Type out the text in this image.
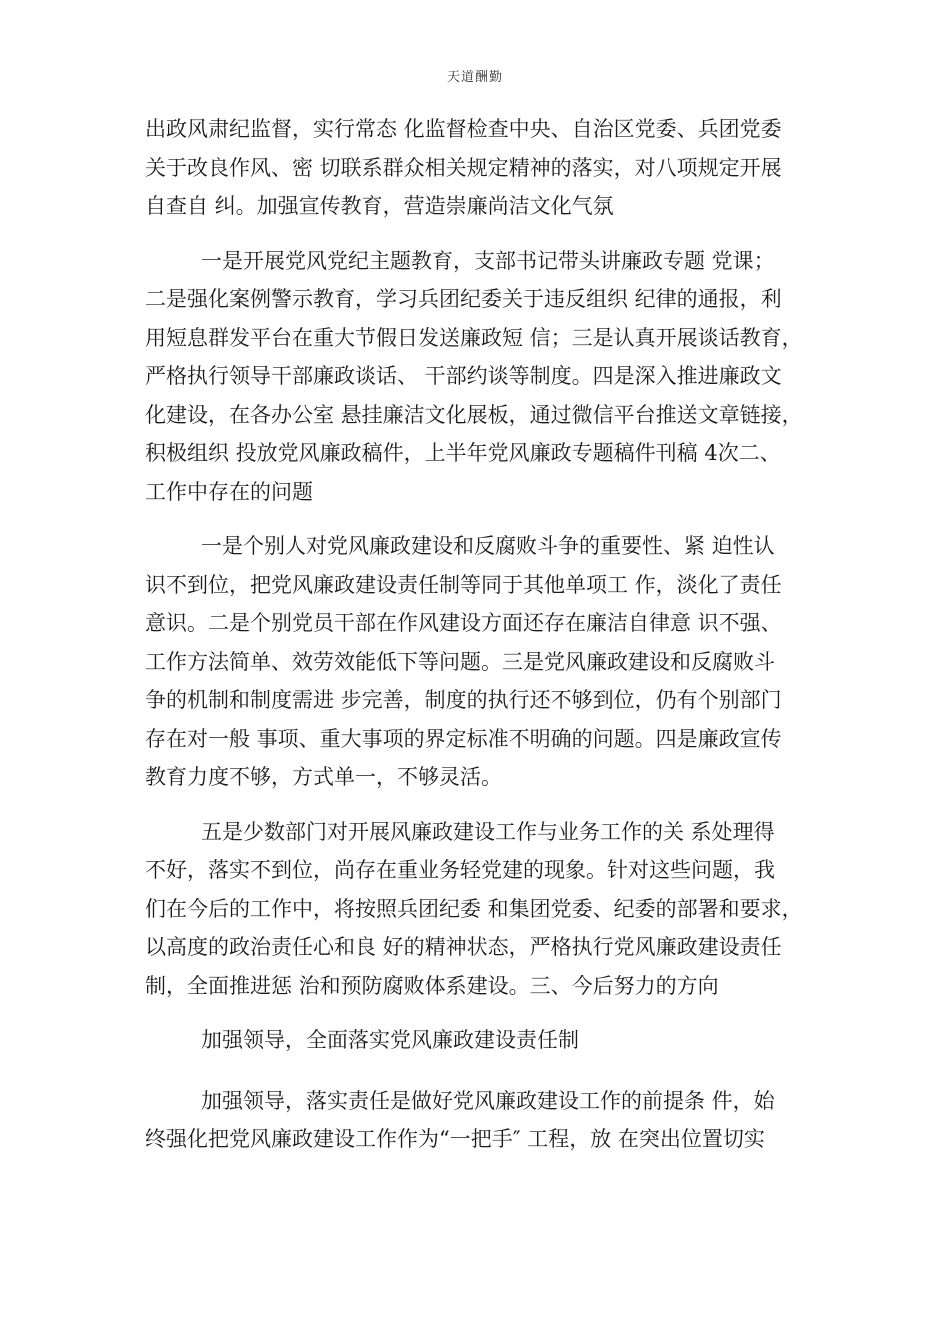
天道酬勤
出政风肃纪监督，实行常态 化监督检查中央、自治区党委、兵团党委
关于改良作风、密 切联系群众相关规定精神的落实，对八项规定开展
自查自 纠。加强宣传教育，营造崇廉尚洁文化气氛
一是开展党风党纪主题教育，支部书记带头讲廉政专题 党课；
二是强化案例警示教育，学习兵团纪委关于违反组织 纪律的通报，利
用短息群发平台在重大节假日发送廉政短 信；三是认真开展谈话教育，
严格执行领导干部廉政谈话、 干部约谈等制度。四是深入推进廉政文
化建设，在各办公室 悬挂廉洁文化展板，通过微信平台推送文章链接，
积极组织 投放党风廉政稿件，上半年党风廉政专题稿件刊稿 4次二、
工作中存在的问题
一是个别人对党风廉政建设和反腐败斗争的重要性、紧 迫性认
识不到位，把党风廉政建设责任制等同于其他单项工 作，淡化了责任
意识。二是个别党员干部在作风建设方面还存在廉洁自律意 识不强、
工作方法简单、效劳效能低下等问题。三是党风廉政建设和反腐败斗
争的机制和制度需进 步完善，制度的执行还不够到位，仍有个别部门
存在对一般 事项、重大事项的界定标准不明确的问题。四是廉政宣传
教育力度不够，方式单一，不够灵活。
五是少数部门对开展风廉政建设工作与业务工作的关 系处理得
不好，落实不到位，尚存在重业务轻党建的现象。针对这些问题，我
们在今后的工作中，将按照兵团纪委 和集团党委、纪委的部署和要求，
以高度的政治责任心和良 好的精神状态，严格执行党风廉政建设责任
制，全面推进惩 治和预防腐败体系建设。三、今后努力的方向
加强领导，全面落实党风廉政建设责任制
加强领导，落实责任是做好党风廉政建设工作的前提条 件，始
终强化把党风廉政建设工作作为“一把手″ 工程，放 在突出位置切实
